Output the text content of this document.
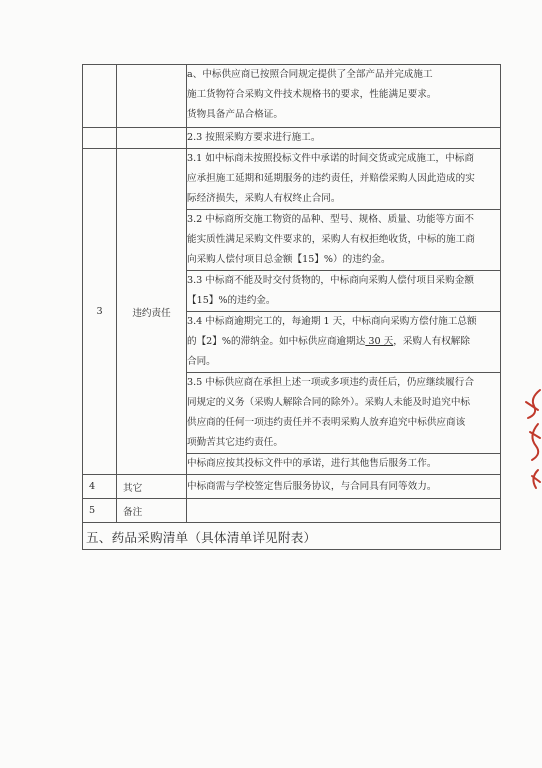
		a、中标供应商已按照合同规定提供了全部产品并完成施工
施工货物符合采购文件技术规格书的要求，性能满足要求。
货物具备产品合格证。

		2.3 按照采购方要求进行施工。

3	违约责任	3.1 如中标商未按照投标文件中承诺的时间交货或完成施工，中标商
应承担施工延期和延期服务的违约责任，并赔偿采购人因此造成的实
际经济损失，采购人有权终止合同。

		3.2 中标商所交施工物资的品种、型号、规格、质量、功能等方面不
能实质性满足采购文件要求的，采购人有权拒绝收货，中标的施工商
向采购人偿付项目总金额【15】%）的违约金。

		3.3 中标商不能及时交付货物的，中标商向采购人偿付项目采购金额
【15】%的违约金。

		3.4 中标商逾期完工的，每逾期 1 天，中标商向采购方偿付施工总额
的【2】%的滞纳金。如中标供应商逾期达 30 天，采购人有权解除
合同。

		3.5 中标供应商在承担上述一项或多项违约责任后，仍应继续履行合
同规定的义务（采购人解除合同的除外）。采购人未能及时追究中标
供应商的任何一项违约责任并不表明采购人放弃追究中标供应商该
项勤苦其它违约责任。

		中标商应按其投标文件中的承诺，进行其他售后服务工作。

4	其它	中标商需与学校签定售后服务协议，与合同具有同等效力。
5	备注	
五、药品采购清单（具体清单详见附表）		
